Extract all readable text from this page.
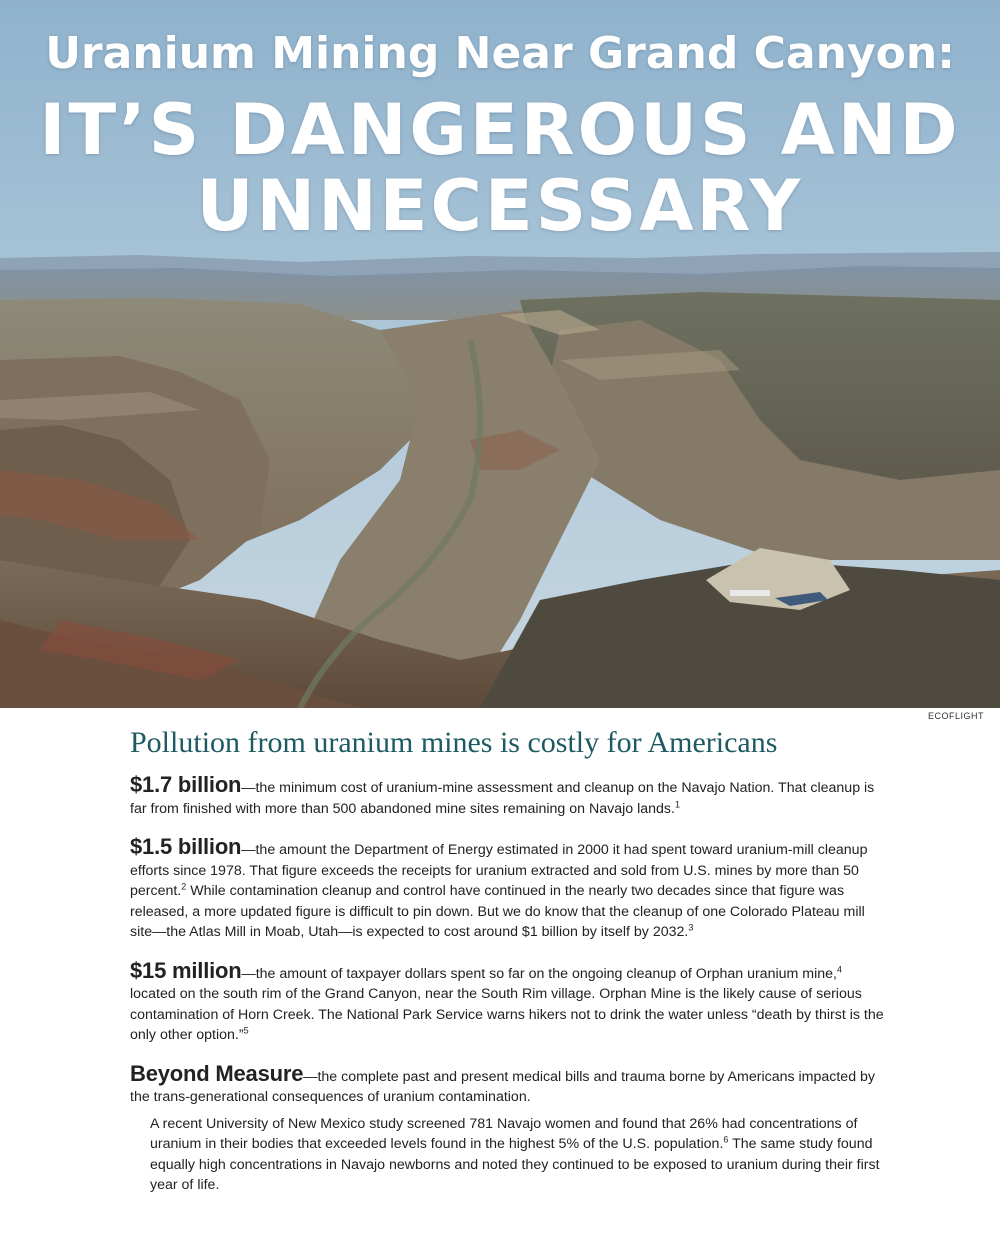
Uranium Mining Near Grand Canyon:
IT’S DANGEROUS AND
UNNECESSARY
ECOFLIGHT
Pollution from uranium mines is costly for Americans

$1.7 billion—the minimum cost of uranium-mine assessment and cleanup on the Navajo Nation. That cleanup is far from finished with more than 500 abandoned mine sites remaining on Navajo lands.$^1$

$1.5 billion—the amount the Department of Energy estimated in 2000 it had spent toward uranium-mill cleanup efforts since 1978. That figure exceeds the receipts for uranium extracted and sold from U.S. mines by more than 50 percent.$^2$ While contamination cleanup and control have continued in the nearly two decades since that figure was released, a more updated figure is difficult to pin down. But we do know that the cleanup of one Colorado Plateau mill site—the Atlas Mill in Moab, Utah—is expected to cost around $1 billion by itself by 2032.$^3$

$15 million—the amount of taxpayer dollars spent so far on the ongoing cleanup of Orphan uranium mine,$^4$ located on the south rim of the Grand Canyon, near the South Rim village. Orphan Mine is the likely cause of serious contamination of Horn Creek. The National Park Service warns hikers not to drink the water unless “death by thirst is the only other option.”$^5$

Beyond Measure—the complete past and present medical bills and trauma borne by Americans impacted by the trans-generational consequences of uranium contamination.

A recent University of New Mexico study screened 781 Navajo women and found that 26% had concentrations of uranium in their bodies that exceeded levels found in the highest 5% of the U.S. population.$^6$ The same study found equally high concentrations in Navajo newborns and noted they continued to be exposed to uranium during their first year of life.
